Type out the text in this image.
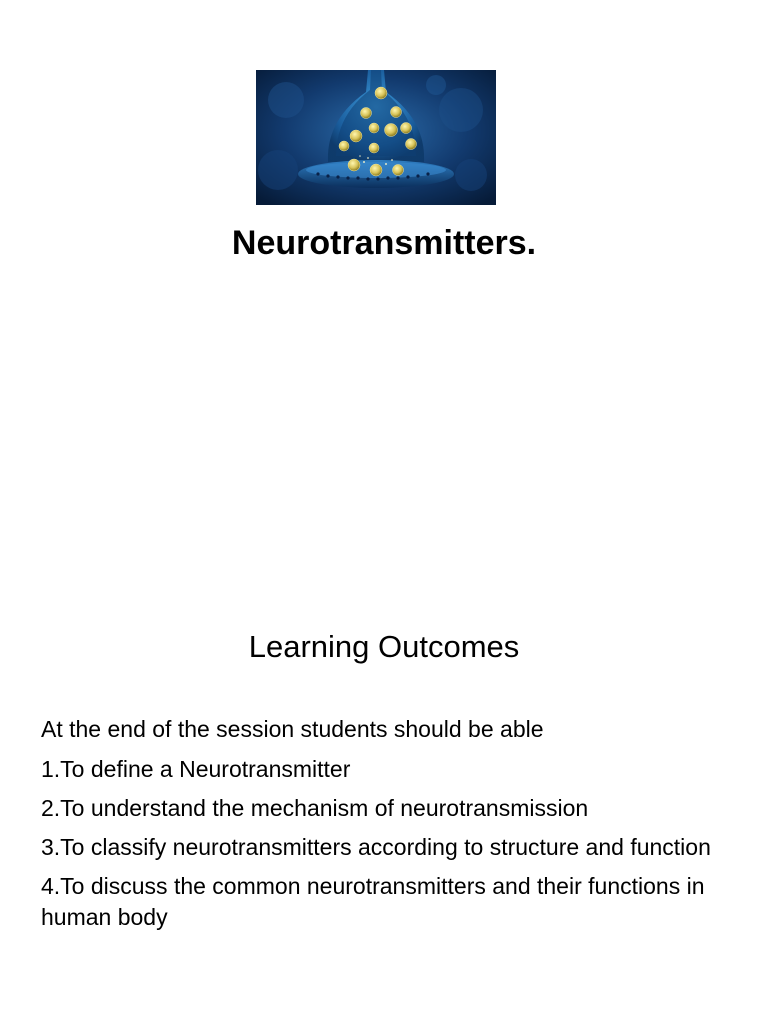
Neurotransmitters.
Learning Outcomes
At the end of the session students should be able
1.To define a Neurotransmitter
2.To understand the mechanism of neurotransmission
3.To classify neurotransmitters according to structure and function
4.To discuss the common neurotransmitters and their functions in human body
